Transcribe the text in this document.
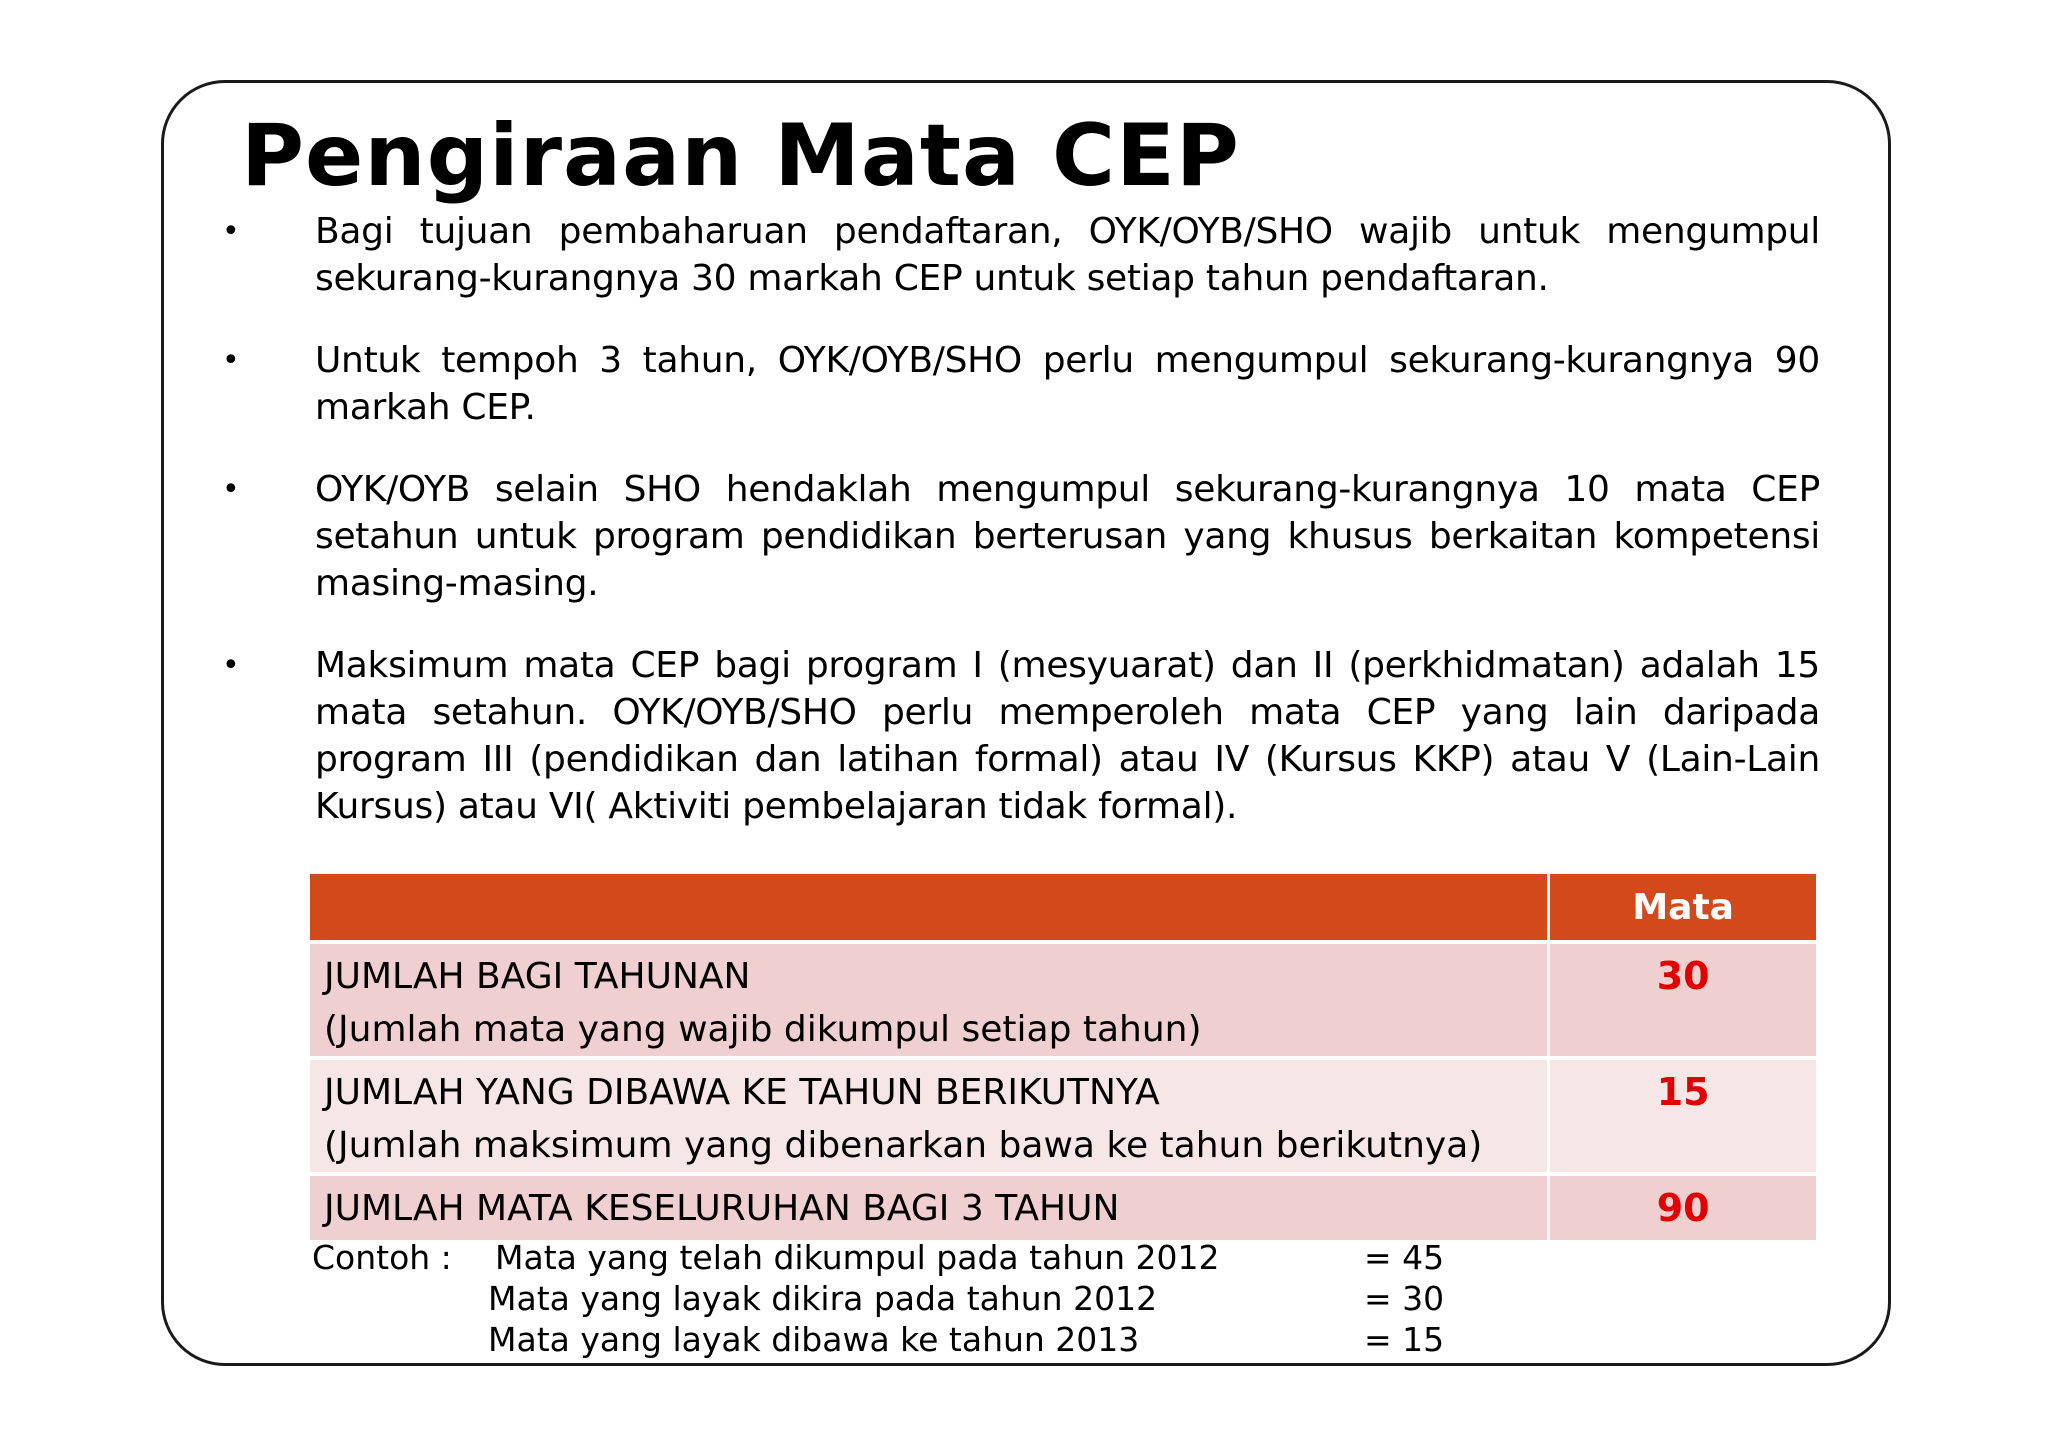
Pengiraan Mata CEP
• Bagi tujuan pembaharuan pendaftaran, OYK/OYB/SHO wajib untuk mengumpul sekurang-kurangnya 30 markah CEP untuk setiap tahun pendaftaran.
• Untuk tempoh 3 tahun, OYK/OYB/SHO perlu mengumpul sekurang-kurangnya 90 markah CEP.
• OYK/OYB selain SHO hendaklah mengumpul sekurang-kurangnya 10 mata CEP setahun untuk program pendidikan berterusan yang khusus berkaitan kompetensi masing-masing.
• Maksimum mata CEP bagi program I (mesyuarat) dan II (perkhidmatan) adalah 15 mata setahun. OYK/OYB/SHO perlu memperoleh mata CEP yang lain daripada program III (pendidikan dan latihan formal) atau IV (Kursus KKP) atau V (Lain-Lain Kursus) atau VI( Aktiviti pembelajaran tidak formal).
	Mata

JUMLAH BAGI TAHUNAN
(Jumlah mata yang wajib dikumpul setiap tahun)	30

JUMLAH YANG DIBAWA KE TAHUN BERIKUTNYA
(Jumlah maksimum yang dibenarkan bawa ke tahun berikutnya)	15

JUMLAH MATA KESELURUHAN BAGI 3 TAHUN	90
Contoh : Mata yang telah dikumpul pada tahun 2012	= 45
Mata yang layak dikira pada tahun 2012	= 30
Mata yang layak dibawa ke tahun 2013	= 15
